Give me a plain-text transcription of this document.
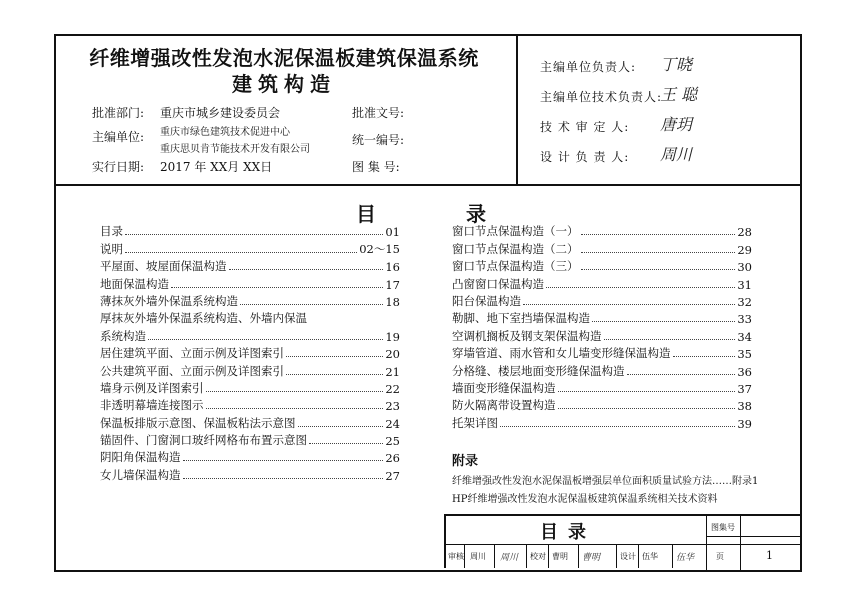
纤维增强改性发泡水泥保温板建筑保温系统
建筑构造
批准部门: 重庆市城乡建设委员会
主编单位: 重庆市绿色建筑技术促进中心
重庆思贝肯节能技术开发有限公司
实行日期: 2017 年 XX月 XX日
批准文号:
统一编号:
图 集 号:
主编单位负责人: 丁晓
主编单位技术负责人:
王 聪
技 术 审 定 人: 唐玥
设 计 负 责 人: 周川
目	录
目录	01
说明	02～15
平屋面、坡屋面保温构造	16
地面保温构造	17
薄抹灰外墙外保温系统构造	18
厚抹灰外墙外保温系统构造、外墙内保温
系统构造	19
居住建筑平面、立面示例及详图索引	20
公共建筑平面、立面示例及详图索引	21
墙身示例及详图索引	22
非透明幕墙连接图示	23
保温板排版示意图、保温板粘法示意图	24
锚固件、门窗洞口玻纤网格布布置示意图	25
阴阳角保温构造	26
女儿墙保温构造	27
窗口节点保温构造（一）	28
窗口节点保温构造（二）	29
窗口节点保温构造（三）	30
凸窗窗口保温构造	31
阳台保温构造	32
勒脚、地下室挡墙保温构造	33
空调机搁板及钢支架保温构造	34
穿墙管道、雨水管和女儿墙变形缝保温构造	35
分格缝、楼层地面变形缝保温构造	36
墙面变形缝保温构造	37
防火隔离带设置构造	38
托架详图	39
附录
纤维增强改性发泡水泥保温板增强层单位面积质量试验方法……附录1
HP纤维增强改性发泡水泥保温板建筑保温系统相关技术资料
目录	图集号
审核 周川 周川 校对 曹明 曹明 设计 伍华 伍华	页	1
